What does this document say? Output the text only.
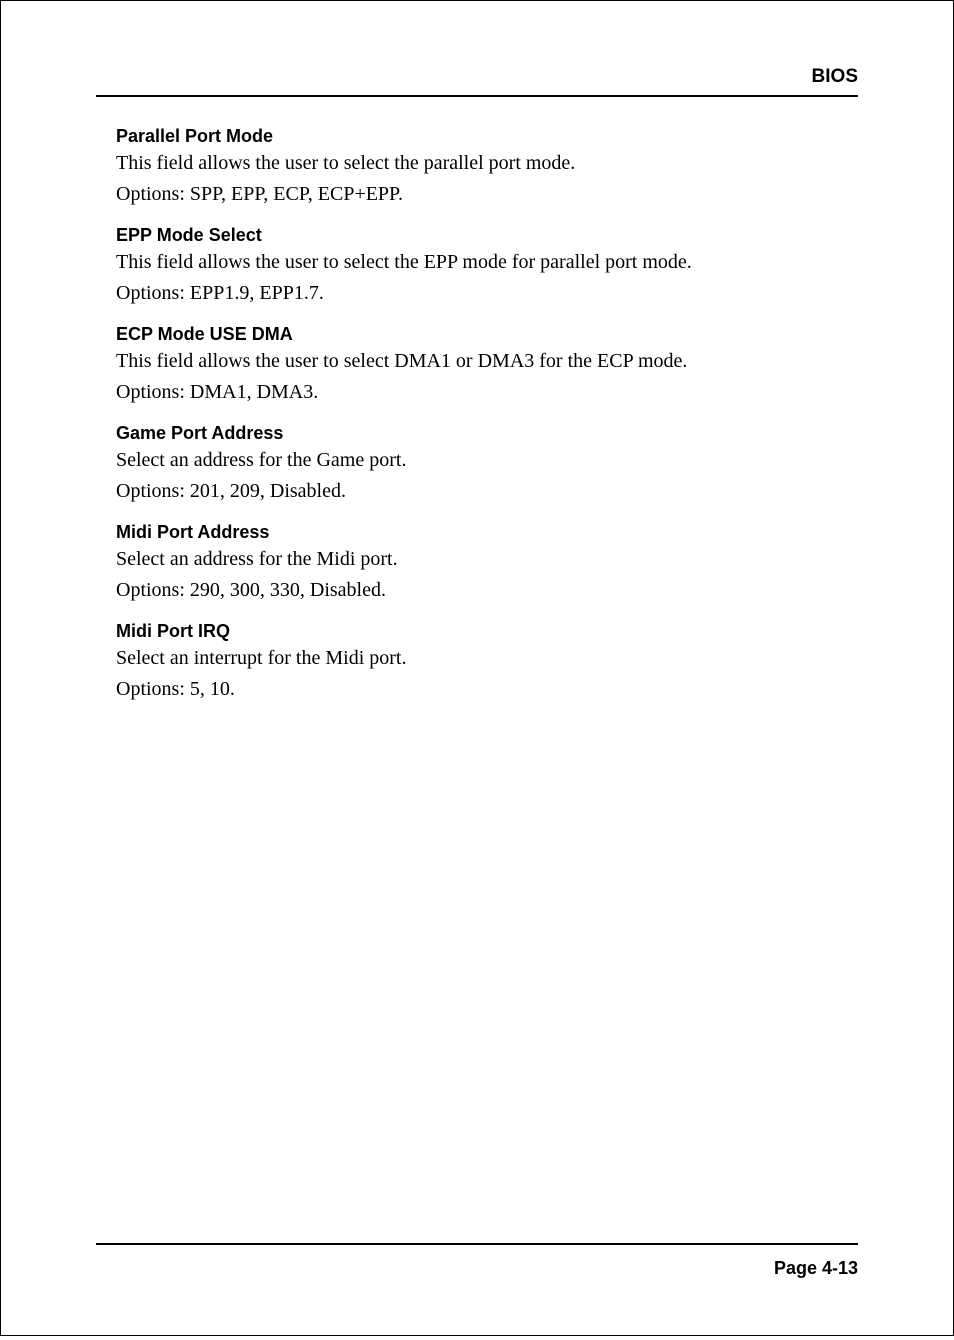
BIOS

Parallel Port Mode

This field allows the user to select the parallel port mode.

Options: SPP, EPP, ECP, ECP+EPP.

EPP Mode Select

This field allows the user to select the EPP mode for parallel port mode.

Options: EPP1.9, EPP1.7.

ECP Mode USE DMA

This field allows the user to select DMA1 or DMA3 for the ECP mode.

Options: DMA1, DMA3.

Game Port Address

Select an address for the Game port.

Options: 201, 209, Disabled.

Midi Port Address

Select an address for the Midi port.

Options: 290, 300, 330, Disabled.

Midi Port IRQ

Select an interrupt for the Midi port.

Options: 5, 10.

Page 4-13
